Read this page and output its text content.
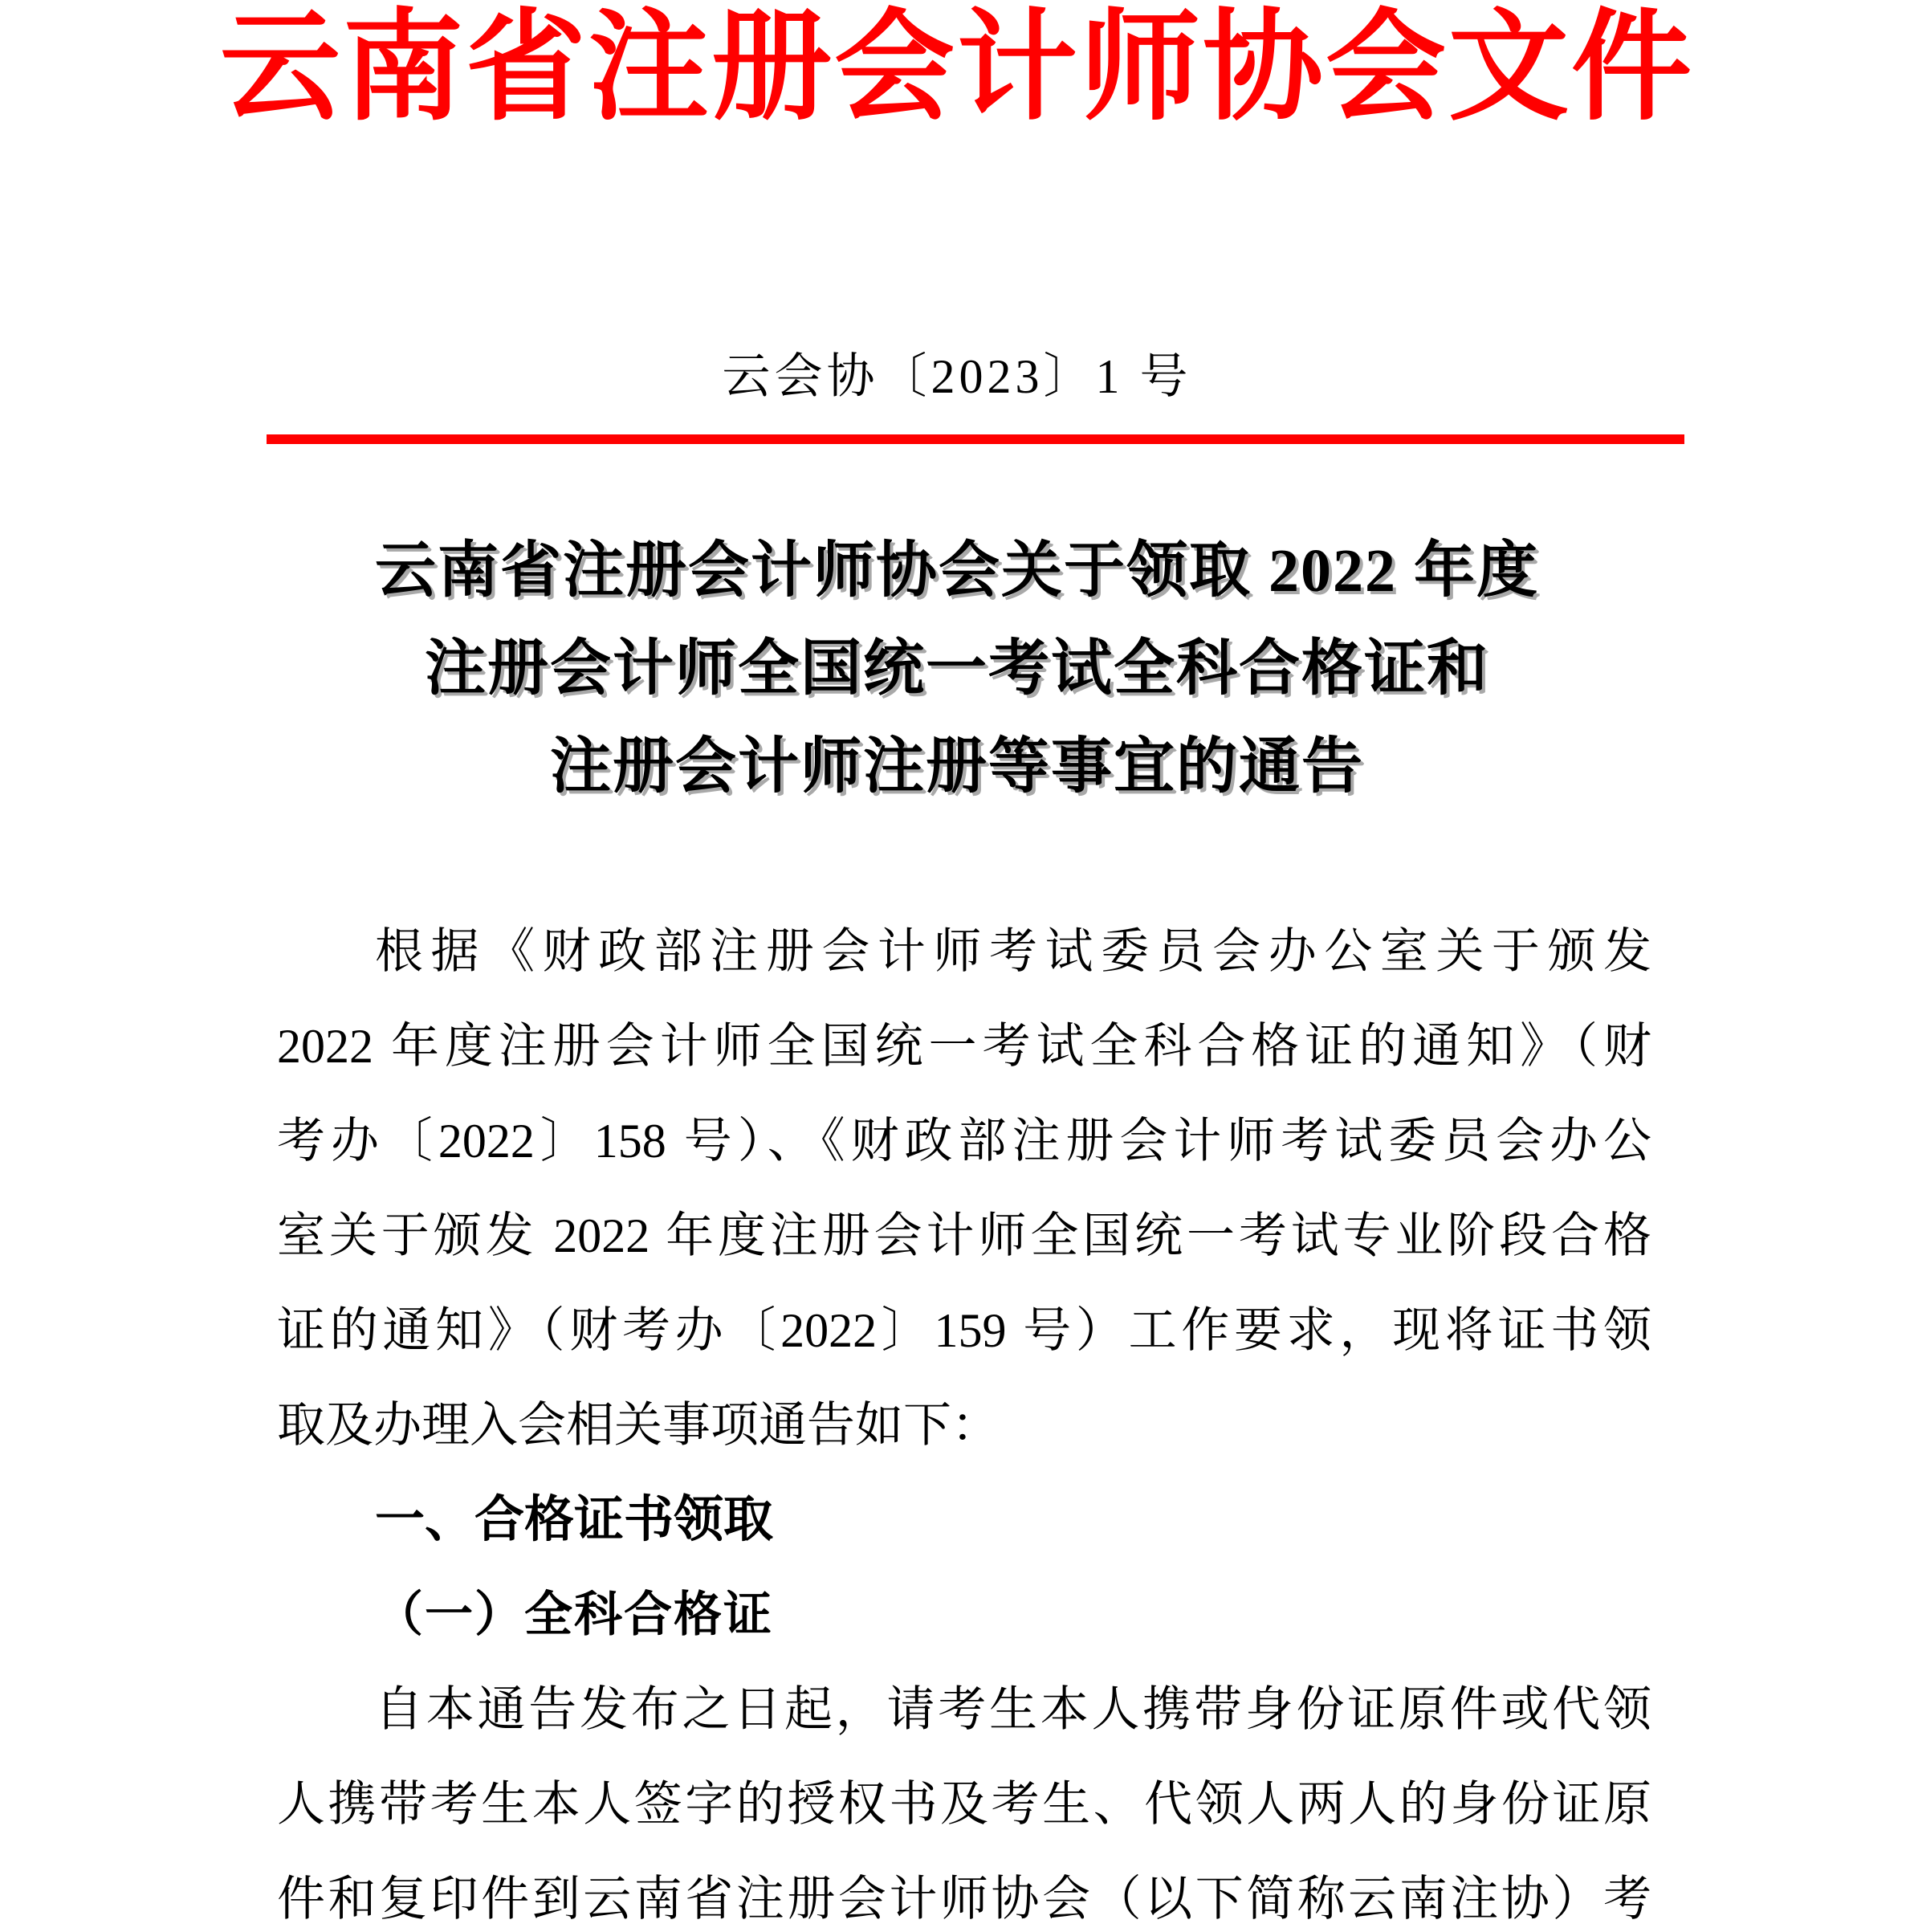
云南省注册会计师协会文件
云会协〔2023〕1 号
云南省注册会计师协会关于领取 2022 年度
注册会计师全国统一考试全科合格证和
注册会计师注册等事宜的通告
根据《财政部注册会计师考试委员会办公室关于颁发
2022 年度注册会计师全国统一考试全科合格证的通知》（财
考办〔2022〕158 号）、《财政部注册会计师考试委员会办公
室关于颁发 2022 年度注册会计师全国统一考试专业阶段合格
证的通知》（财考办〔2022〕159 号）工作要求，现将证书领
取及办理入会相关事项通告如下：
一、合格证书领取
（一）全科合格证
自本通告发布之日起，请考生本人携带身份证原件或代领
人携带考生本人签字的授权书及考生、代领人两人的身份证原
件和复印件到云南省注册会计师协会（以下简称云南注协）考
